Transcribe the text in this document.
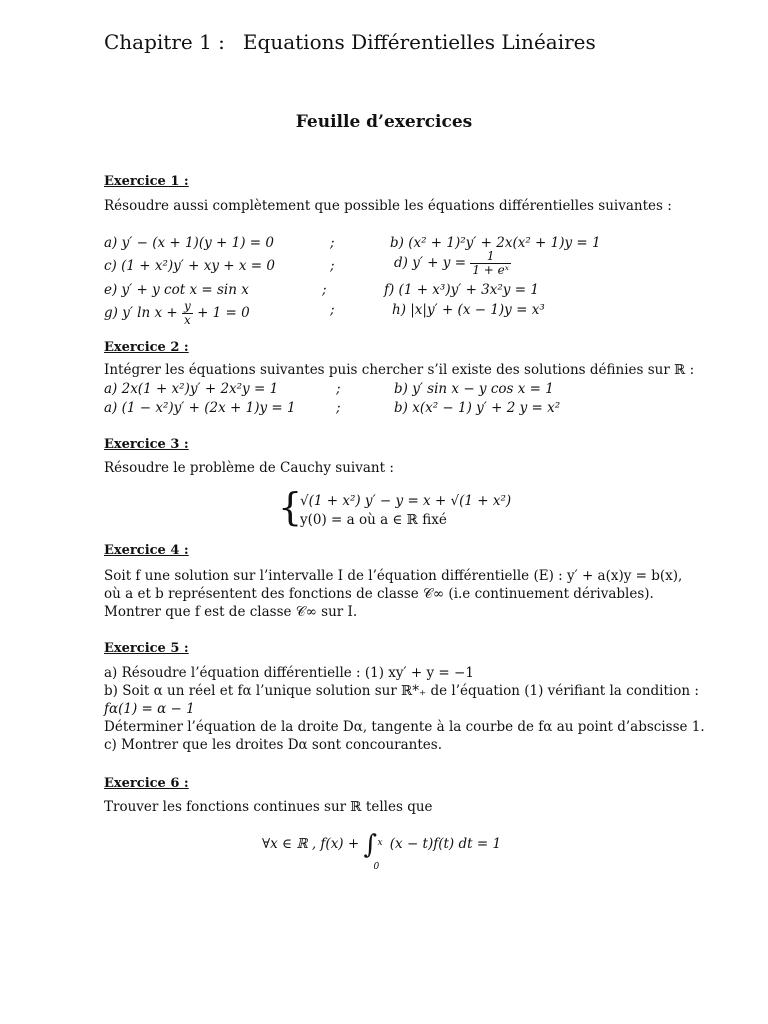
Chapitre 1 : Equations Différentielles Linéaires
Feuille d’exercices
Exercice 1 :
Résoudre aussi complètement que possible les équations différentielles suivantes :
a) y′ − (x + 1)(y + 1) = 0	;	b) (x² + 1)²y′ + 2x(x² + 1)y = 1
c) (1 + x²)y′ + xy + x = 0	;	d) $y' + y = \frac{1}{\text{1 + eˣ}}$
e) y′ + y cot x = sin x	;	f) (1 + x³)y′ + 3x²y = 1
g) y′ $\ln x + \frac{y}{x} + 1 = 0$	;	h) |x|y′ + (x − 1)y = x³
Exercice 2 :
Intégrer les équations suivantes puis chercher s’il existe des solutions définies sur ℝ :
a) 2x(1 + x²)y′ + 2x²y = 1	;	b) y′ sin x − y cos x = 1
a) (1 − x²)y′ + (2x + 1)y = 1	;	b) x(x² − 1) y′ + 2 y = x²
Exercice 3 :
Résoudre le problème de Cauchy suivant :
{
√(1 + x²) y′ − y = x + √(1 + x²)
y(0) = a où a ∈ ℝ fixé
Exercice 4 :
Soit f une solution sur l’intervalle I de l’équation différentielle (E) : y′ + a(x)y = b(x),
où a et b représentent des fonctions de classe 𝒞∞ (i.e continuement dérivables).
Montrer que f est de classe 𝒞∞ sur I.
Exercice 5 :
a) Résoudre l’équation différentielle : (1) xy′ + y = −1
b) Soit α un réel et fα l’unique solution sur ℝ*₊ de l’équation (1) vérifiant la condition :
fα(1) = α − 1
Déterminer l’équation de la droite Dα, tangente à la courbe de fα au point d’abscisse 1.
c) Montrer que les droites Dα sont concourantes.
Exercice 6 :
Trouver les fonctions continues sur ℝ telles que
∀x ∈ ℝ , f(x) + ∫ x
0
(x − t)f(t) dt = 1
